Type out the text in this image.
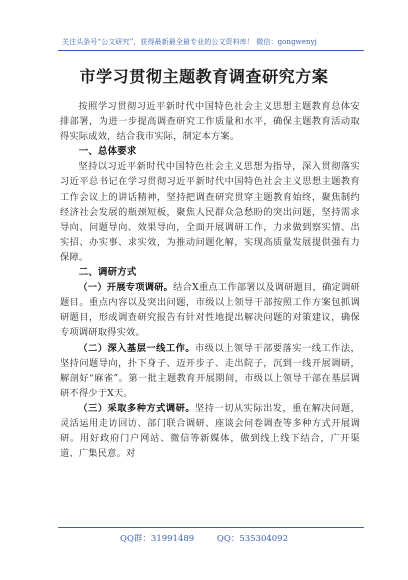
关注头条号“公文研究”，获得最新最全最专业的公文资料库！ 微信：gongwenyj
市学习贯彻主题教育调查研究方案

按照学习贯彻习近平新时代中国特色社会主义思想主题教育总体安排部署，为进一步提高调查研究工作质量和水平，确保主题教育活动取得实际成效，结合我市实际，制定本方案。

一、总体要求

坚持以习近平新时代中国特色社会主义思想为指导，深入贯彻落实习近平总书记在学习贯彻习近平新时代中国特色社会主义思想主题教育工作会议上的讲话精神，坚持把调查研究贯穿主题教育始终，聚焦制约经济社会发展的瓶颈短板，聚焦人民群众急愁盼的突出问题，坚持需求导向、问题导向、效果导向，全面开展调研工作，力求做到察实情、出实招、办实事、求实效，为推动问题化解，实现高质量发展提供强有力保障。

二、调研方式

（一）开展专项调研。结合X重点工作部署以及调研题目，确定调研题目。重点内容以及突出问题，市级以上领导干部按照工作方案包抓调研题目，形成调查研究报告有针对性地提出解决问题的对策建议，确保专项调研取得实效。

（二）深入基层一线工作。市级以上领导干部要落实一线工作法，坚持问题导向，扑下身子、迈开步子、走出院子，沉到一线开展调研，解剖好“麻雀”。第一批主题教育开展期间，市级以上领导干部在基层调研不得少于X天。

（三）采取多种方式调研。坚持一切从实际出发，重在解决问题，灵活运用走访回访、部门联合调研、座谈会问卷调查等多种方式开展调研。用好政府门户网站、微信等新媒体，做到线上线下结合，广开渠道、广集民意。对

QQ群：31991489	QQ：535304092
